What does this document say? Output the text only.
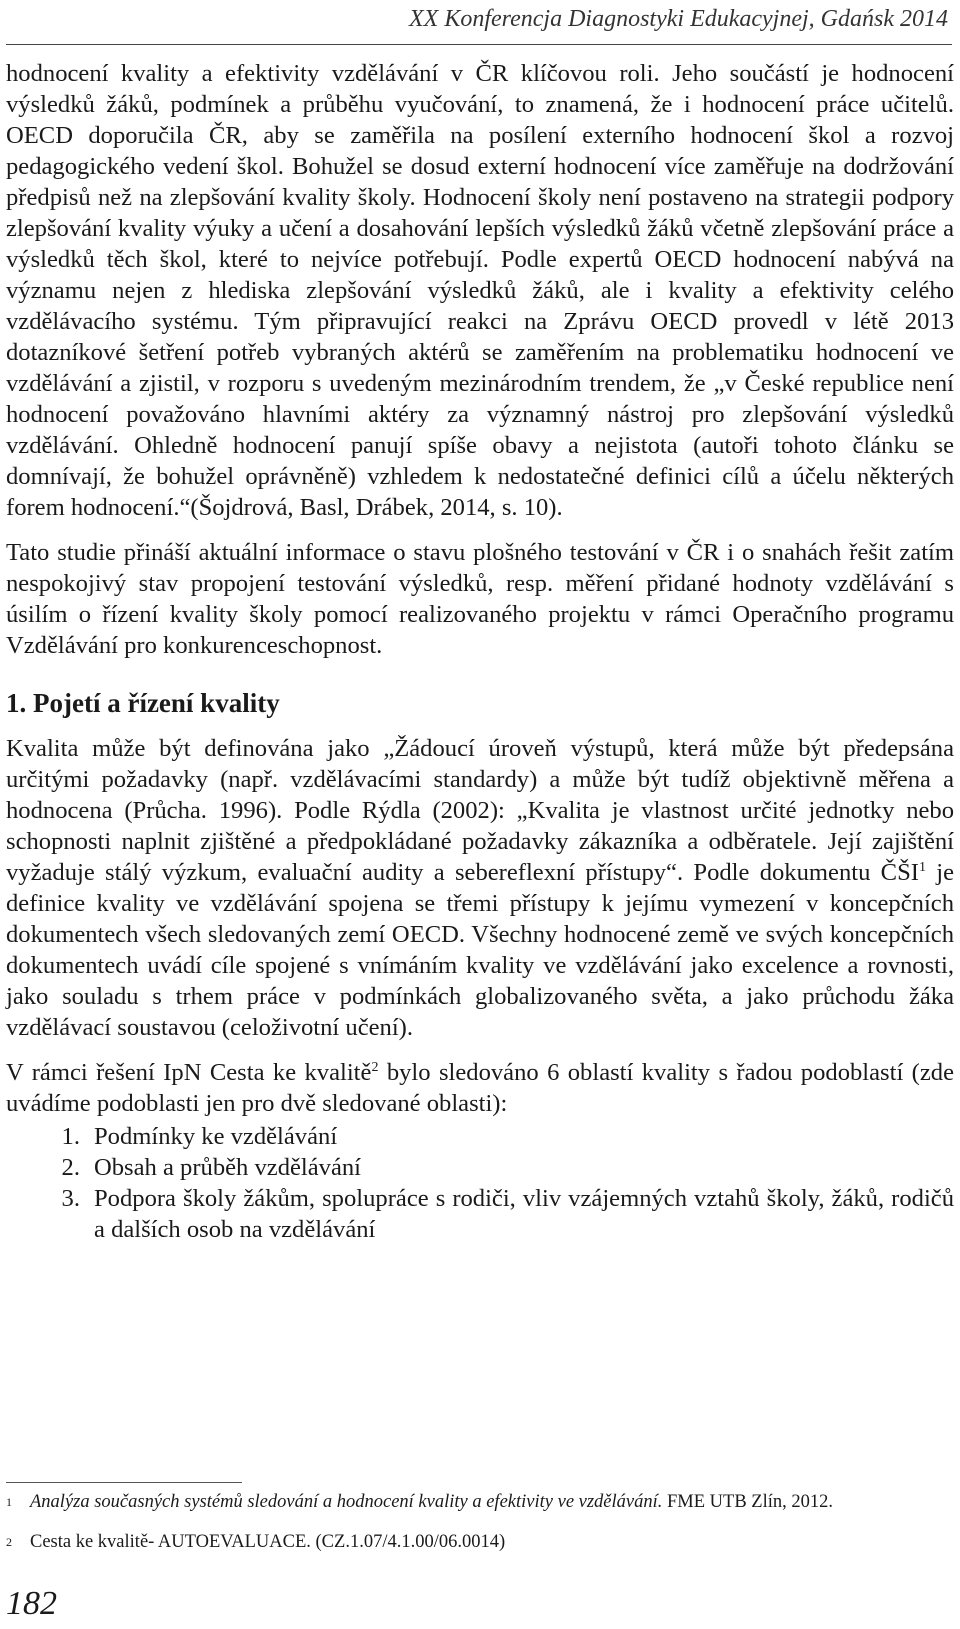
XX Konferencja Diagnostyki Edukacyjnej, Gdańsk 2014

hodnocení kvality a efektivity vzdělávání v ČR klíčovou roli. Jeho součástí je hodnocení výsledků žáků, podmínek a průběhu vyučování, to znamená, že i hodnocení práce učitelů. OECD doporučila ČR, aby se zaměřila na posílení externího hodnocení škol a rozvoj pedagogického vedení škol. Bohužel se dosud externí hodnocení více zaměřuje na dodržování předpisů než na zlepšování kvality školy. Hodnocení školy není postaveno na strategii podpory zlepšování kvality výuky a učení a dosahování lepších výsledků žáků včetně zlepšování práce a výsledků těch škol, které to nejvíce potřebují. Podle expertů OECD hodnocení nabývá na významu nejen z hlediska zlepšování výsledků žáků, ale i kvality a efektivity celého vzdělávacího systému. Tým připravující reakci na Zprávu OECD provedl v létě 2013 dotazníkové šetření potřeb vybraných aktérů se zaměřením na problematiku hodnocení ve vzdělávání a zjistil, v rozporu s uvedeným mezinárodním trendem, že „v České republice není hodnocení považováno hlavními aktéry za významný nástroj pro zlepšování výsledků vzdělávání. Ohledně hodnocení panují spíše obavy a nejistota (autoři tohoto článku se domnívají, že bohužel oprávněně) vzhledem k nedostatečné definici cílů a účelu některých forem hodnocení.“(Šojdrová, Basl, Drábek, 2014, s. 10).

Tato studie přináší aktuální informace o stavu plošného testování v ČR i o snahách řešit zatím nespokojivý stav propojení testování výsledků, resp. měření přidané hodnoty vzdělávání s úsilím o řízení kvality školy pomocí realizovaného projektu v rámci Operačního programu Vzdělávání pro konkurenceschopnost.

1. Pojetí a řízení kvality

Kvalita může být definována jako „Žádoucí úroveň výstupů, která může být předepsána určitými požadavky (např. vzdělávacími standardy) a může být tudíž objektivně měřena a hodnocena (Průcha. 1996). Podle Rýdla (2002): „Kvalita je vlastnost určité jednotky nebo schopnosti naplnit zjištěné a předpokládané požadavky zákazníka a odběratele. Její zajištění vyžaduje stálý výzkum, evaluační audity a sebereflexní přístupy“. Podle dokumentu ČŠI$^1$ je definice kvality ve vzdělávání spojena se třemi přístupy k jejímu vymezení v koncepčních dokumentech všech sledovaných zemí OECD. Všechny hodnocené země ve svých koncepčních dokumentech uvádí cíle spojené s vnímáním kvality ve vzdělávání jako excelence a rovnosti, jako souladu s trhem práce v podmínkách globalizovaného světa, a jako průchodu žáka vzdělávací soustavou (celoživotní učení).

V rámci řešení IpN Cesta ke kvalitě$^2$ bylo sledováno 6 oblastí kvality s řadou podoblastí (zde uvádíme podoblasti jen pro dvě sledované oblasti):

1. Podmínky ke vzdělávání
2. Obsah a průběh vzdělávání
3. Podpora školy žákům, spolupráce s rodiči, vliv vzájemných vztahů školy, žáků, rodičů a dalších osob na vzdělávání
1 Analýza současných systémů sledování a hodnocení kvality a efektivity ve vzdělávání. FME UTB Zlín, 2012.
2 Cesta ke kvalitě- AUTOEVALUACE. (CZ.1.07/4.1.00/06.0014)
182
